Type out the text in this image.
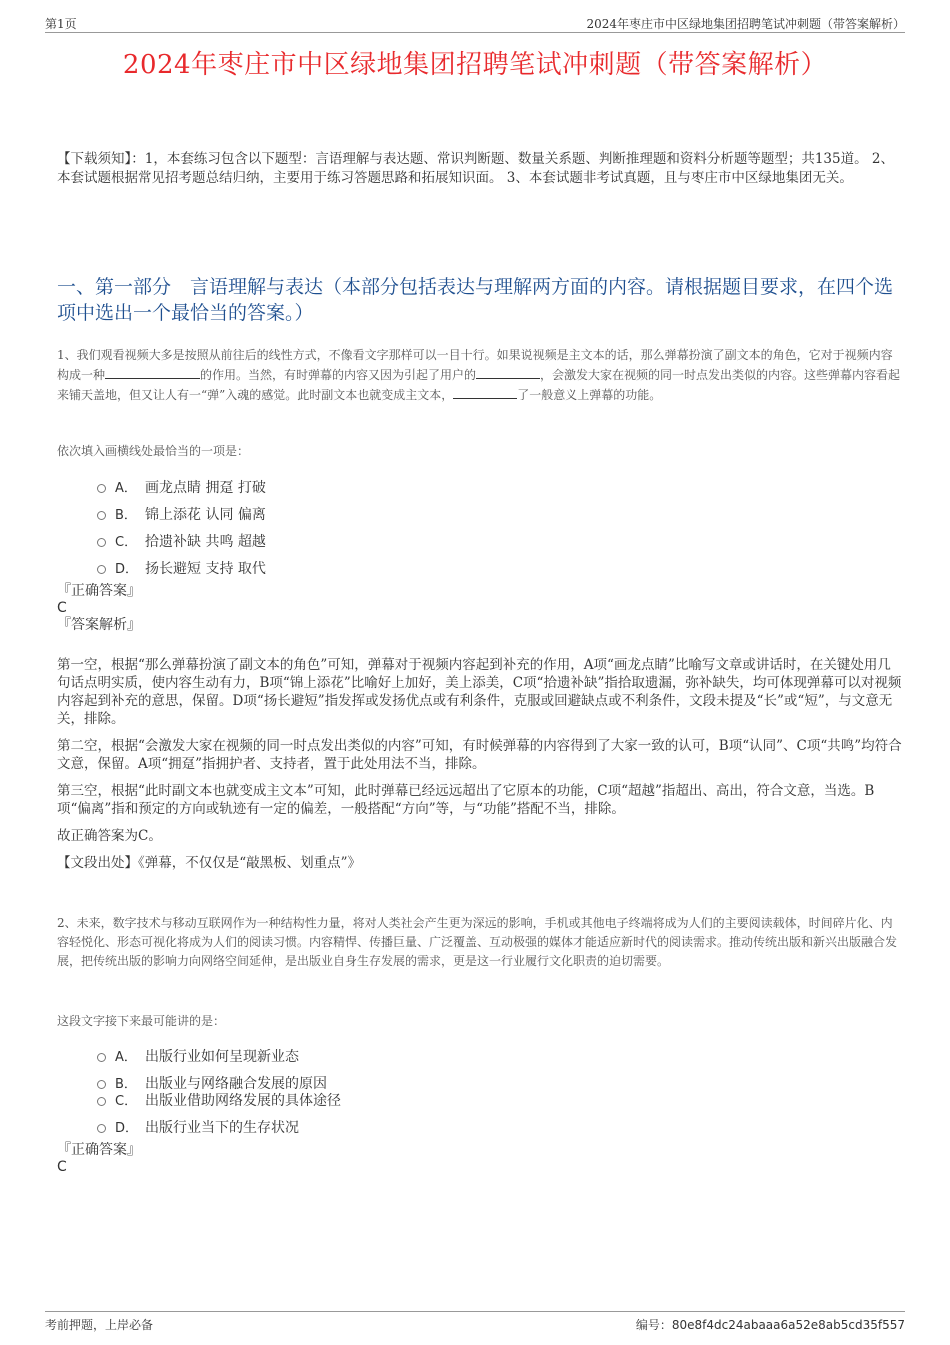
第1页	2024年枣庄市中区绿地集团招聘笔试冲刺题（带答案解析）
2024年枣庄市中区绿地集团招聘笔试冲刺题（带答案解析）
【下载须知】：1，本套练习包含以下题型：言语理解与表达题、常识判断题、数量关系题、判断推理题和资料分析题等题型；共135道。 2、本套试题根据常见招考题总结归纳，主要用于练习答题思路和拓展知识面。 3、本套试题非考试真题，且与枣庄市中区绿地集团无关。
一、第一部分　言语理解与表达（本部分包括表达与理解两方面的内容。请根据题目要求，在四个选项中选出一个最恰当的答案。）

1、我们观看视频大多是按照从前往后的线性方式，不像看文字那样可以一目十行。如果说视频是主文本的话，那么弹幕扮演了副文本的角色，它对于视频内容构成一种	的作用。当然，有时弹幕的内容又因为引起了用户的	，会激发大家在视频的同一时点发出类似的内容。这些弹幕内容看起来铺天盖地，但又让人有一“弹”入魂的感觉。此时副文本也就变成主文本，	了一般意义上弹幕的功能。

依次填入画横线处最恰当的一项是：

A． 画龙点睛 拥趸 打破
B． 锦上添花 认同 偏离
C． 拾遗补缺 共鸣 超越
D． 扬长避短 支持 取代
『正确答案』
C
『答案解析』

第一空，根据“那么弹幕扮演了副文本的角色”可知，弹幕对于视频内容起到补充的作用，A项“画龙点睛”比喻写文章或讲话时，在关键处用几句话点明实质，使内容生动有力，B项“锦上添花”比喻好上加好，美上添美，C项“拾遗补缺”指拾取遗漏，弥补缺失，均可体现弹幕可以对视频内容起到补充的意思，保留。D项“扬长避短”指发挥或发扬优点或有利条件，克服或回避缺点或不利条件，文段未提及“长”或“短”，与文意无关，排除。

第二空，根据“会激发大家在视频的同一时点发出类似的内容”可知，有时候弹幕的内容得到了大家一致的认可，B项“认同”、C项“共鸣”均符合文意，保留。A项“拥趸”指拥护者、支持者，置于此处用法不当，排除。

第三空，根据“此时副文本也就变成主文本”可知，此时弹幕已经远远超出了它原本的功能，C项“超越”指超出、高出，符合文意，当选。B项“偏离”指和预定的方向或轨迹有一定的偏差，一般搭配“方向”等，与“功能”搭配不当，排除。

故正确答案为C。

【文段出处】《弹幕，不仅仅是“敲黑板、划重点”》

2、未来，数字技术与移动互联网作为一种结构性力量，将对人类社会产生更为深远的影响，手机或其他电子终端将成为人们的主要阅读载体，时间碎片化、内容轻悦化、形态可视化将成为人们的阅读习惯。内容精悍、传播巨量、广泛覆盖、互动极强的媒体才能适应新时代的阅读需求。推动传统出版和新兴出版融合发展，把传统出版的影响力向网络空间延伸，是出版业自身生存发展的需求，更是这一行业履行文化职责的迫切需要。

这段文字接下来最可能讲的是：

A． 出版行业如何呈现新业态
B． 出版业与网络融合发展的原因
C． 出版业借助网络发展的具体途径
D． 出版行业当下的生存状况
『正确答案』
C
考前押题，上岸必备	编号：80e8f4dc24abaaa6a52e8ab5cd35f557
